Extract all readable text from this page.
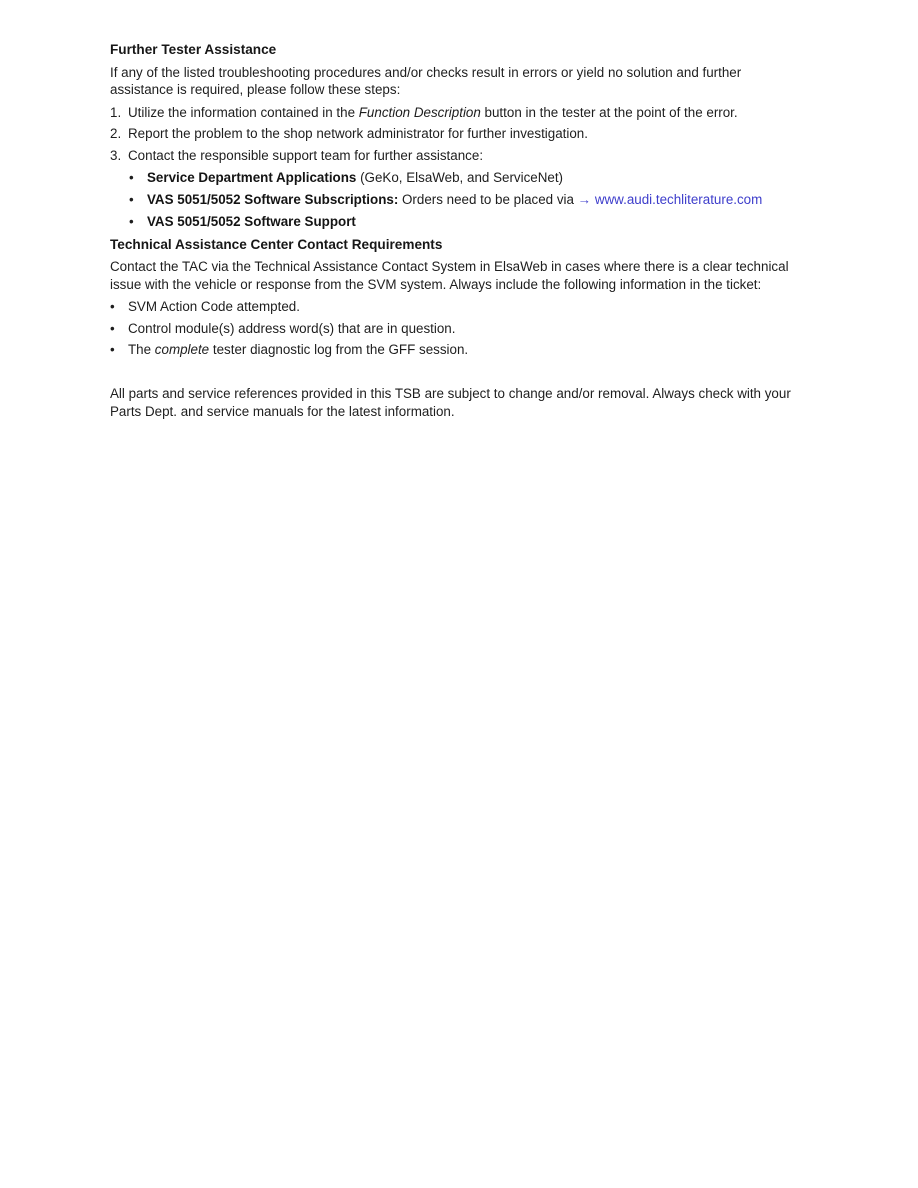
Further Tester Assistance

If any of the listed troubleshooting procedures and/or checks result in errors or yield no solution and further assistance is required, please follow these steps:

1. Utilize the information contained in the Function Description button in the tester at the point of the error.
2. Report the problem to the shop network administrator for further investigation.
3. Contact the responsible support team for further assistance:
• Service Department Applications (GeKo, ElsaWeb, and ServiceNet)
• VAS 5051/5052 Software Subscriptions: Orders need to be placed via → www.audi.techliterature.com
• VAS 5051/5052 Software Support
Technical Assistance Center Contact Requirements

Contact the TAC via the Technical Assistance Contact System in ElsaWeb in cases where there is a clear technical issue with the vehicle or response from the SVM system. Always include the following information in the ticket:

• SVM Action Code attempted.
• Control module(s) address word(s) that are in question.
• The complete tester diagnostic log from the GFF session.

All parts and service references provided in this TSB are subject to change and/or removal. Always check with your Parts Dept. and service manuals for the latest information.
